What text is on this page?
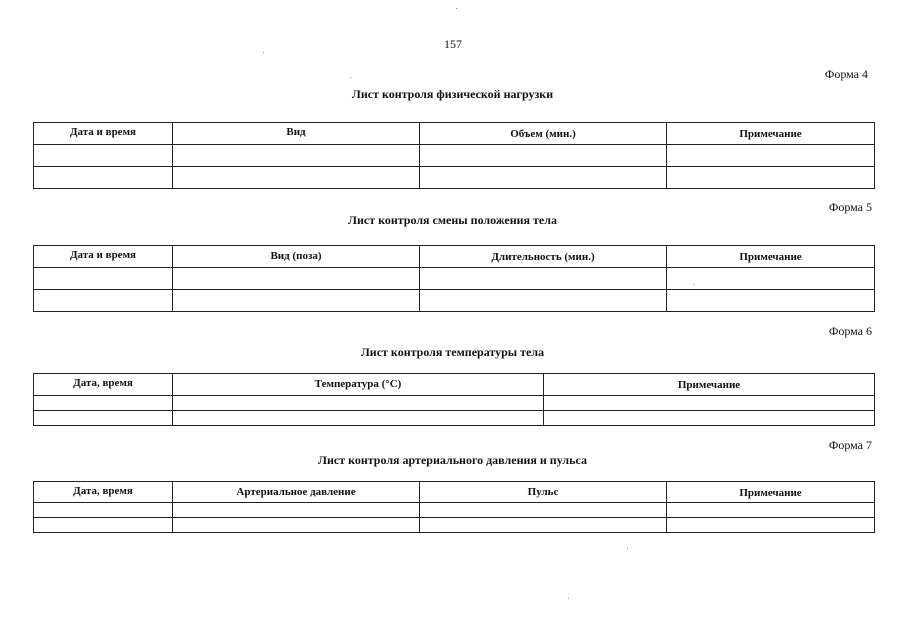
157
Форма 4
Лист контроля физической нагрузки
Дата и время	Вид	Объем (мин.)	Примечание

Форма 5
Лист контроля смены положения тела
Дата и время	Вид (поза)	Длительность (мин.)	Примечание

Форма 6
Лист контроля температуры тела
Дата, время	Температура (°С)	Примечание

Форма 7
Лист контроля артериального давления и пульса
Дата, время	Артериальное давление	Пульс	Примечание
